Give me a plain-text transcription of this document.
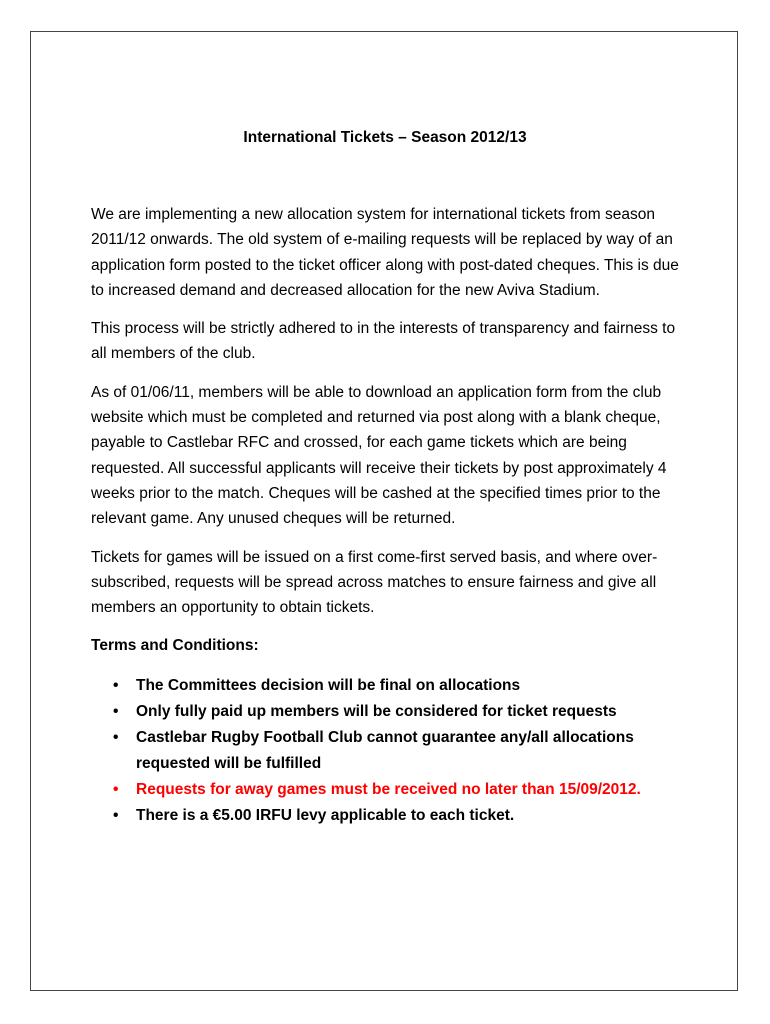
International Tickets – Season 2012/13

We are implementing a new allocation system for international tickets from season 2011/12 onwards. The old system of e-mailing requests will be replaced by way of an application form posted to the ticket officer along with post-dated cheques. This is due to increased demand and decreased allocation for the new Aviva Stadium.

This process will be strictly adhered to in the interests of transparency and fairness to all members of the club.

As of 01/06/11, members will be able to download an application form from the club website which must be completed and returned via post along with a blank cheque, payable to Castlebar RFC and crossed, for each game tickets which are being requested. All successful applicants will receive their tickets by post approximately 4 weeks prior to the match. Cheques will be cashed at the specified times prior to the relevant game. Any unused cheques will be returned.

Tickets for games will be issued on a first come-first served basis, and where over-subscribed, requests will be spread across matches to ensure fairness and give all members an opportunity to obtain tickets.

Terms and Conditions:
• The Committees decision will be final on allocations
• Only fully paid up members will be considered for ticket requests
• Castlebar Rugby Football Club cannot guarantee any/all allocations requested will be fulfilled
• Requests for away games must be received no later than 15/09/2012.
• There is a €5.00 IRFU levy applicable to each ticket.
